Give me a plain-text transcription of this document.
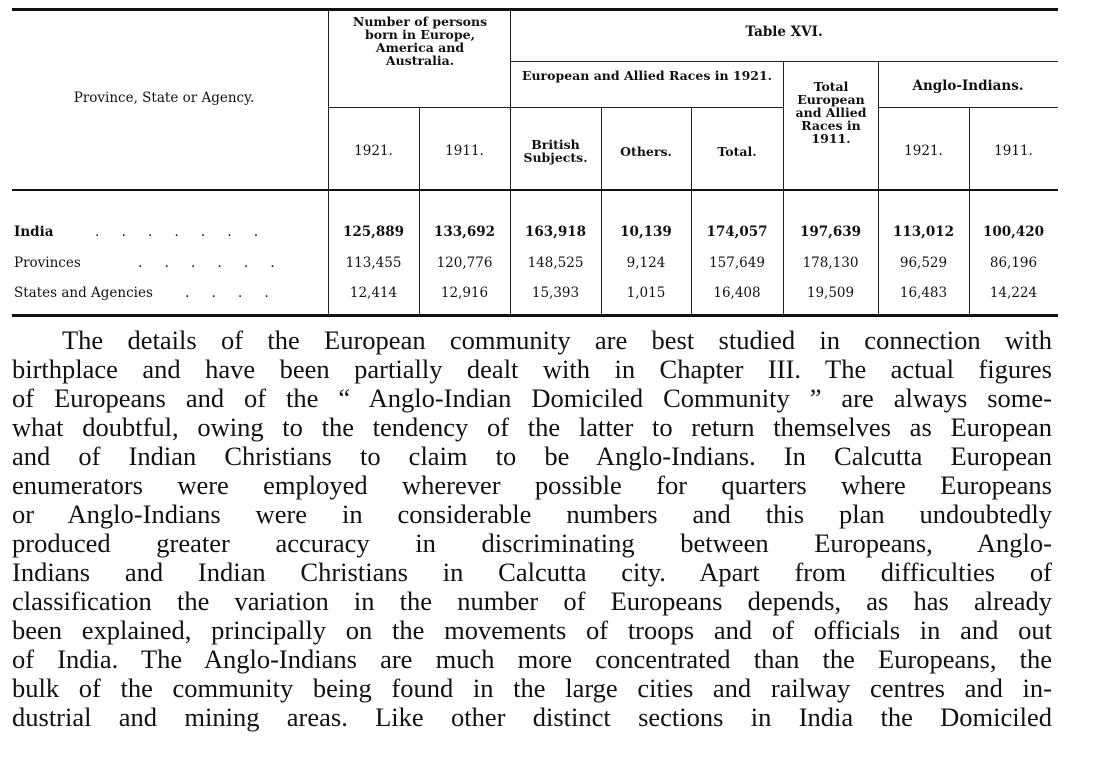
Province, State or Agency.
Number of persons born in Europe, America and Australia.
Table XVI.
European and Allied Races in 1921.
Total European and Allied Races in 1911.
Anglo-Indians.
1921.	1911.	British Subjects.	Others.	Total.	1921.	1911.
India	.......	125,889	133,692	163,918	10,139	174,057	197,639	113,012	100,420
Provinces	......	113,455	120,776	148,525	9,124	157,649	178,130	96,529	86,196
States and Agencies ....	12,414	12,916	15,393	1,015	16,408	19,509	16,483	14,224
The details of the European community are best studied in connection with
birthplace and have been partially dealt with in Chapter III. The actual figures
of Europeans and of the “ Anglo-Indian Domiciled Community ” are always some-
what doubtful, owing to the tendency of the latter to return themselves as European
and of Indian Christians to claim to be Anglo-Indians. In Calcutta European
enumerators were employed wherever possible for quarters where Europeans
or Anglo-Indians were in considerable numbers and this plan undoubtedly
produced greater accuracy in discriminating between Europeans, Anglo-
Indians and Indian Christians in Calcutta city. Apart from difficulties of
classification the variation in the number of Europeans depends, as has already
been explained, principally on the movements of troops and of officials in and out
of India. The Anglo-Indians are much more concentrated than the Europeans, the
bulk of the community being found in the large cities and railway centres and in-
dustrial and mining areas. Like other distinct sections in India the Domiciled
